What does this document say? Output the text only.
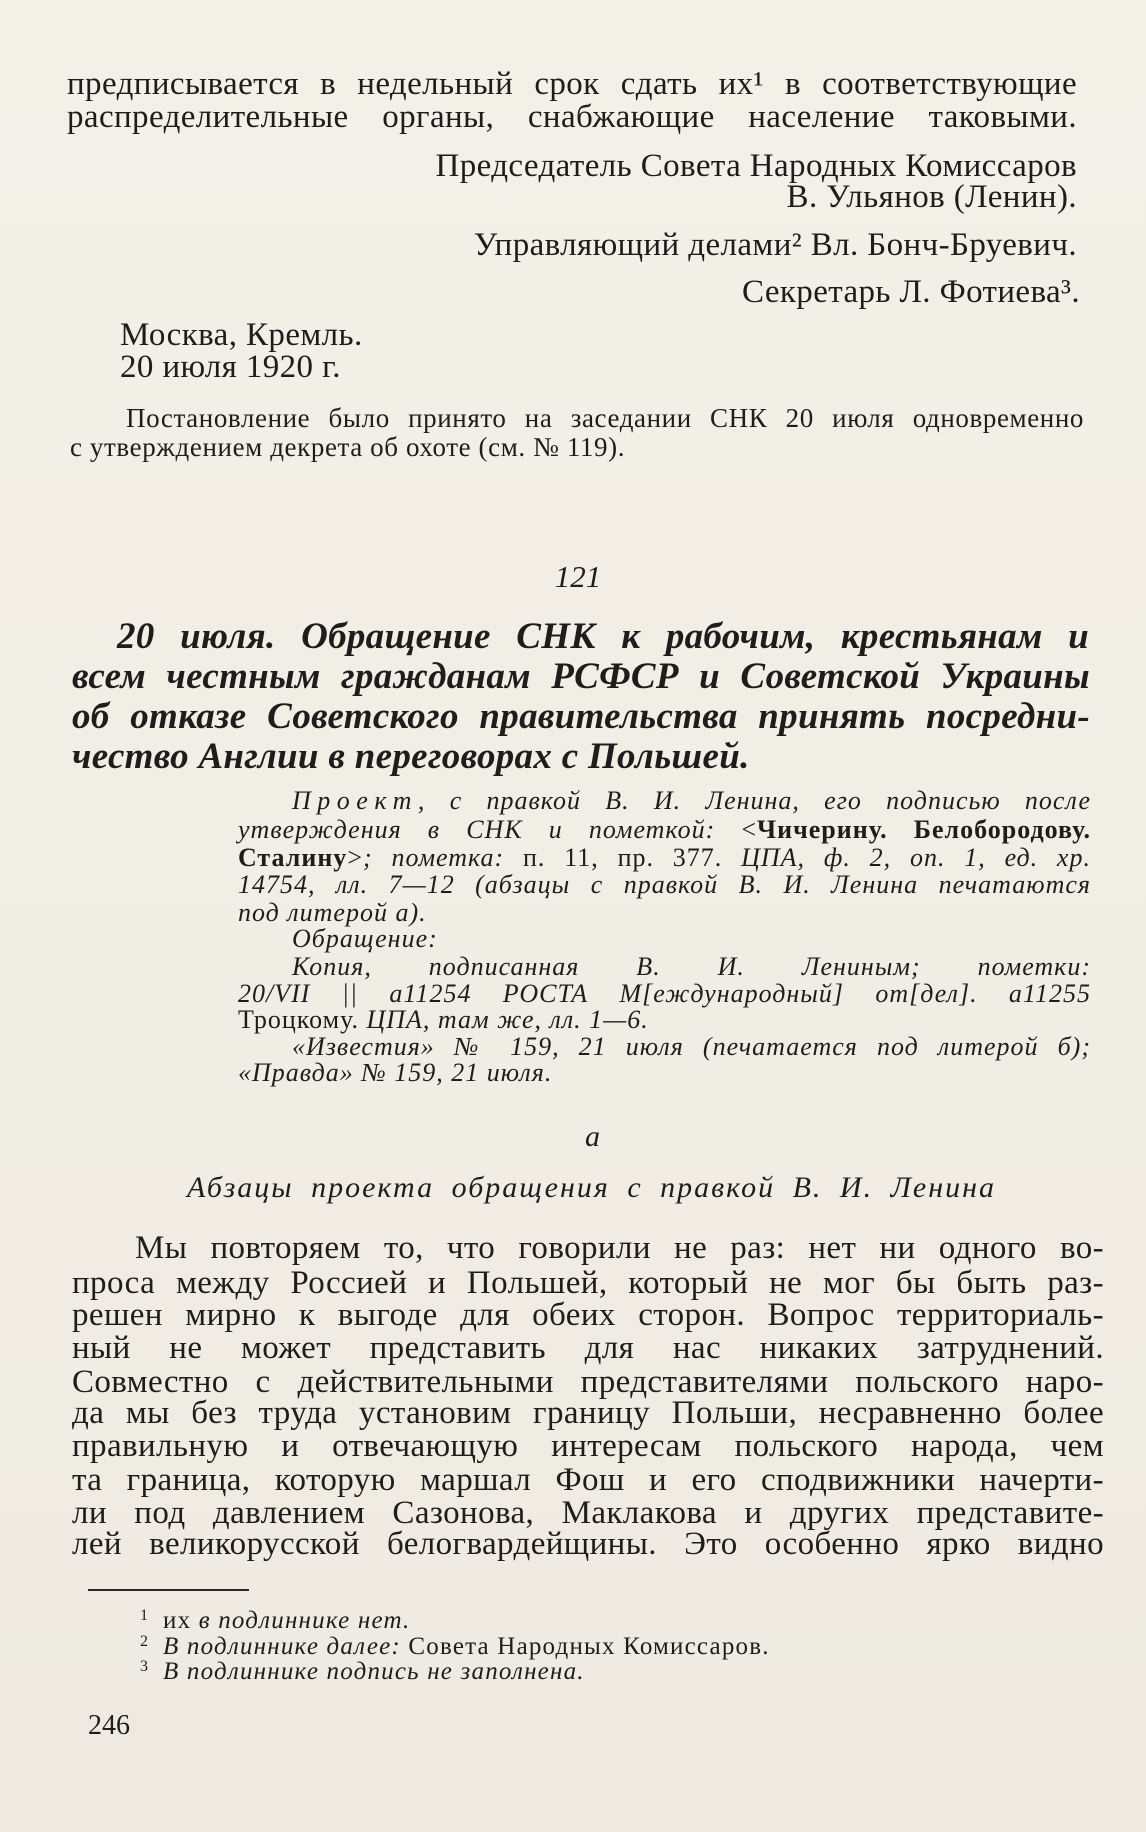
предписывается в недельный срок сдать их¹ в соответствующие
распределительные органы, снабжающие население таковыми.
Председатель Совета Народных Комиссаров
В. Ульянов (Ленин).
Управляющий делами² Вл. Бонч-Бруевич.
Секретарь Л. Фотиева³.
Москва, Кремль.
20 июля 1920 г.
Постановление было принято на заседании СНК 20 июля одновременно
с утверждением декрета об охоте (см. № 119).
121
20 июля. Обращение СНК к рабочим, крестьянам и
всем честным гражданам РСФСР и Советской Украины
об отказе Советского правительства принять посредни-
чество Англии в переговорах с Польшей.
Проект, с правкой В. И. Ленина, его подписью после
утверждения в СНК и пометкой: <Чичерину. Белобородову.
Сталину>; пометка: п. 11, пр. 377. ЦПА, ф. 2, оп. 1, ед. хр.
14754, лл. 7—12 (абзацы с правкой В. И. Ленина печатаются
под литерой а).
Обращение:
Копия, подписанная В. И. Лениным; пометки:
20/VII || а11254 РОСТА М[еждународный] от[дел]. а11255
Троцкому. ЦПА, там же, лл. 1—6.
«Известия» № 159, 21 июля (печатается под литерой б);
«Правда» № 159, 21 июля.
а
Абзацы проекта обращения с правкой В. И. Ленина
Мы повторяем то, что говорили не раз: нет ни одного во-
проса между Россией и Польшей, который не мог бы быть раз-
решен мирно к выгоде для обеих сторон. Вопрос территориаль-
ный не может представить для нас никаких затруднений.
Совместно с действительными представителями польского наро-
да мы без труда установим границу Польши, несравненно более
правильную и отвечающую интересам польского народа, чем
та граница, которую маршал Фош и его сподвижники начерти-
ли под давлением Сазонова, Маклакова и других представите-
лей великорусской белогвардейщины. Это особенно ярко видно
1 их в подлиннике нет.
2 В подлиннике далее: Совета Народных Комиссаров.
3 В подлиннике подпись не заполнена.
246
